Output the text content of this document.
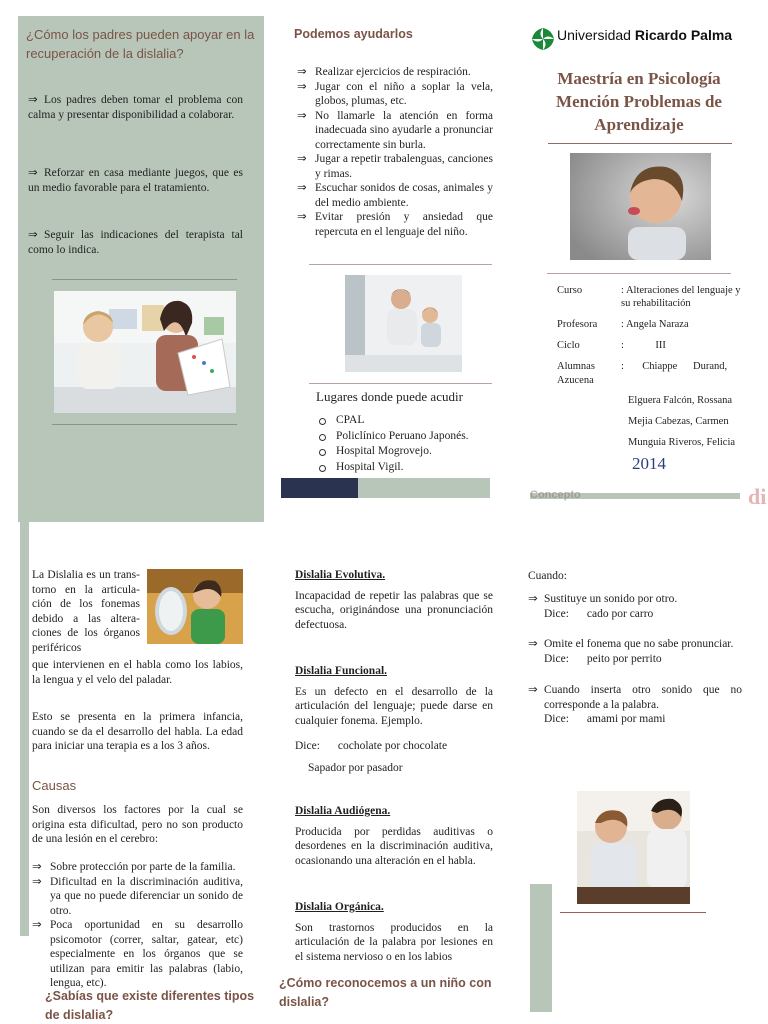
¿Cómo los padres pueden apoyar en la recuperación de la dislalia?
⇒ Los padres deben tomar el problema con calma y presentar disponibilidad a colaborar.
⇒ Reforzar en casa mediante juegos, que es un medio favorable para el tratamiento.
⇒ Seguir las indicaciones del terapista tal como lo indica.
Podemos ayudarlos
⇒ Realizar ejercicios de respiración.
⇒ Jugar con el niño a soplar la vela, globos, plumas, etc.
⇒ No llamarle la atención en forma inadecuada sino ayudarle a pronunciar correctamente sin burla.
⇒ Jugar a repetir trabalenguas, canciones y rimas.
⇒ Escuchar sonidos de cosas, animales y del medio ambiente.
⇒ Evitar presión y ansiedad que repercuta en el lenguaje del niño.
Lugares donde puede acudir
CPAL
Policlínico Peruano Japonés.
Hospital Mogrovejo.
Hospital Vigil.
Universidad Ricardo Palma
Maestría en Psicología Mención Problemas de Aprendizaje
Curso	: Alteraciones del lenguaje y su rehabilitación
Profesora : Angela Naraza
Ciclo	:            III
Alumnas :       Chiappe      Durand,
Azucena
Elguera Falcón, Rossana
Mejia Cabezas, Carmen
Munguia Riveros, Felicia
2014
Concepto	di
La Dislalia es un trans-torno en la articula-ción de los fonemas debido a las altera-ciones de los órganos periféricos
que intervienen en el habla como los labios, la lengua y el velo del paladar.
Esto se presenta en la primera infancia, cuando se da el desarrollo del habla. La edad para iniciar una terapia es a los 3 años.
Causas
Son diversos los factores por la cual se origina esta dificultad, pero no son producto de una lesión en el cerebro:
⇒ Sobre protección por parte de la familia.
⇒ Dificultad en la discriminación auditiva, ya que no puede diferenciar un sonido de otro.
⇒ Poca oportunidad en su desarrollo psicomotor (correr, saltar, gatear, etc) especialmente en los órganos que se utilizan para emitir las palabras (labio, lengua, etc).
¿Sabías que existe diferentes tipos de dislalia?
Dislalia Evolutiva.
Incapacidad de repetir las palabras que se escucha, originándose una pronunciación defectuosa.
Dislalia Funcional.
Es un defecto en el desarrollo de la articulación del lenguaje; puede darse en cualquier fonema. Ejemplo.
Dice: cocholate por chocolate
Sapador por pasador
Dislalia Audiógena.
Producida por perdidas auditivas o desordenes en la discriminación auditiva, ocasionando una alteración en el habla.
Dislalia Orgánica.
Son trastornos producidos en la articulación de la palabra por lesiones en el sistema nervioso o en los labios
¿Cómo reconocemos a un niño con dislalia?
Cuando:
⇒ Sustituye un sonido por otro.
Dice: cado por carro
⇒ Omite el fonema que no sabe pronunciar.
Dice: peito por perrito
⇒ Cuando inserta otro sonido que no corresponde a la palabra.
Dice: amami por mami
